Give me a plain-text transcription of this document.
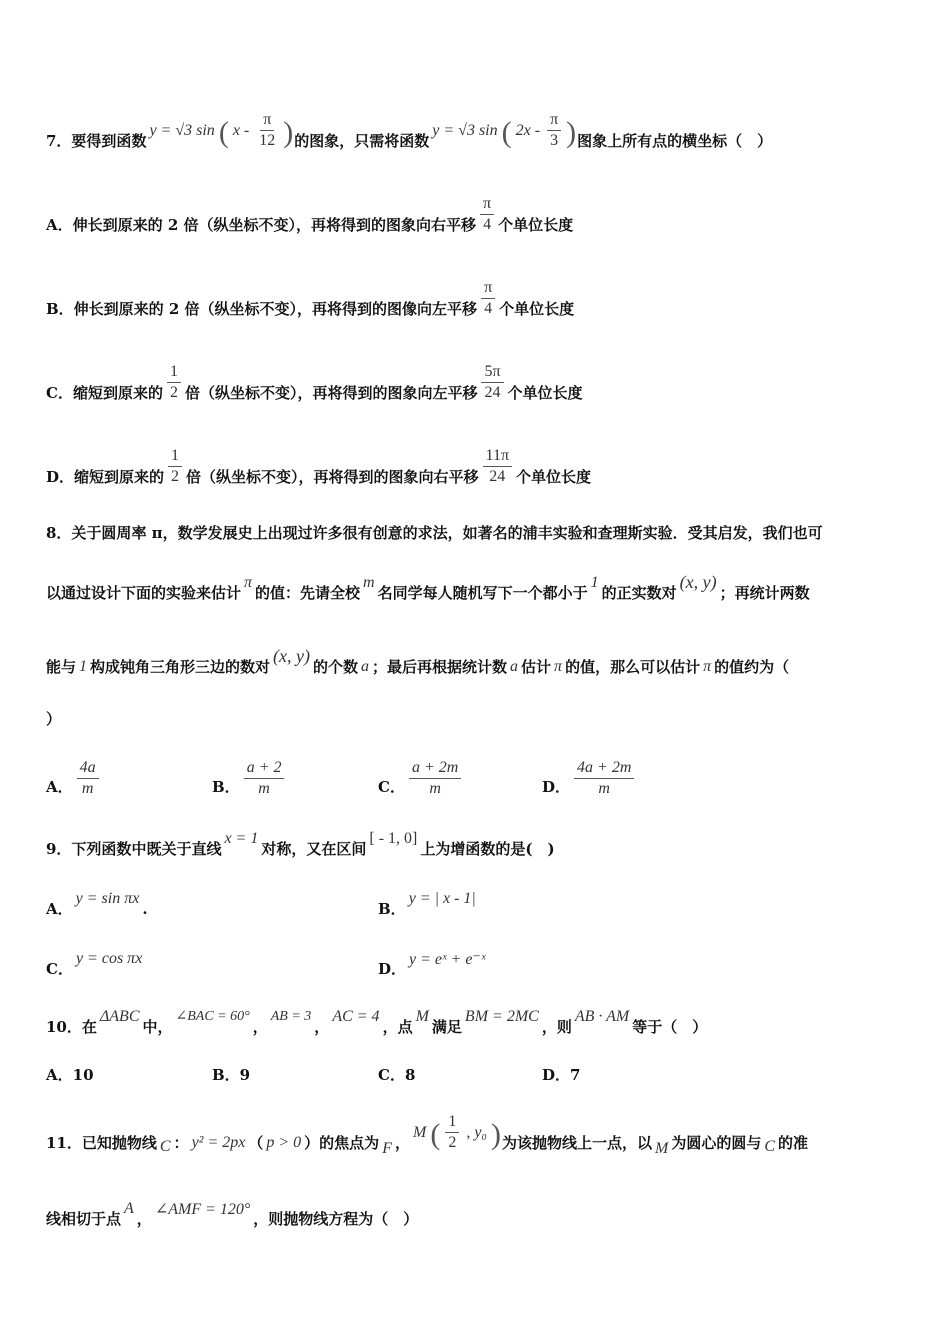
7．要得到函数
y = √3 sin ( x - $\frac{\pi}{12}$ ) 的图象，只需将函数
y = √3 sin ( $2x - \frac{\pi}{3}$ ) 图象上所有点的横坐标（　）
A．伸长到原来的 2 倍（纵坐标不变），再将得到的图象向右平移 $\frac{\pi}{4}$ 个单位长度
B．伸长到原来的 2 倍（纵坐标不变），再将得到的图像向左平移 $\frac{\pi}{4}$ 个单位长度
C．缩短到原来的 $\frac{1}{2}$ 倍（纵坐标不变），再将得到的图象向左平移 $\frac{5\pi}{24}$ 个单位长度
D．缩短到原来的 $\frac{1}{2}$ 倍（纵坐标不变），再将得到的图象向右平移 $\frac{11\pi}{24}$ 个单位长度
8．关于圆周率 π，数学发展史上出现过许多很有创意的求法，如著名的浦丰实验和查理斯实验．受其启发，我们也可
以通过设计下面的实验来估计
π
的值：先请全校
m
名同学每人随机写下一个都小于
1
的正实数对
(x, y)
；再统计两数
能与 1 构成钝角三角形三边的数对
(x, y)
的个数 a ；最后再根据统计数 a 估计 π 的值，那么可以估计 π 的值约为（
）
A． $\frac{4a}{m}$	B． $\frac{a + 2}{m}$	C． $\frac{a + 2m}{m}$	D． $\frac{4a + 2m}{m}$
9．下列函数中既关于直线
x = 1
对称，又在区间
[ - 1, 0]
上为增函数的是(　)
A．
y = sin πx
.	B．
y = | x - 1|
C．
y = cos πx
D．
y = eˣ + e⁻ˣ
10．在
ΔABC
中，
∠BAC = 60°
，
AB = 3
，
AC = 4
，点
M
满足
BM = 2MC
，则
AB · AM
等于（　）
A．10	B．9	C．8	D．7
11．已知抛物线 C ： y² = 2px （ p > 0 ）的焦点为 F ，
M ( $\frac{1}{2}$ , y₀ ) 为该抛物线上一点，以 M 为圆心的圆与 C 的准
线相切于点
A
，
∠AMF = 120°
，则抛物线方程为（　）
